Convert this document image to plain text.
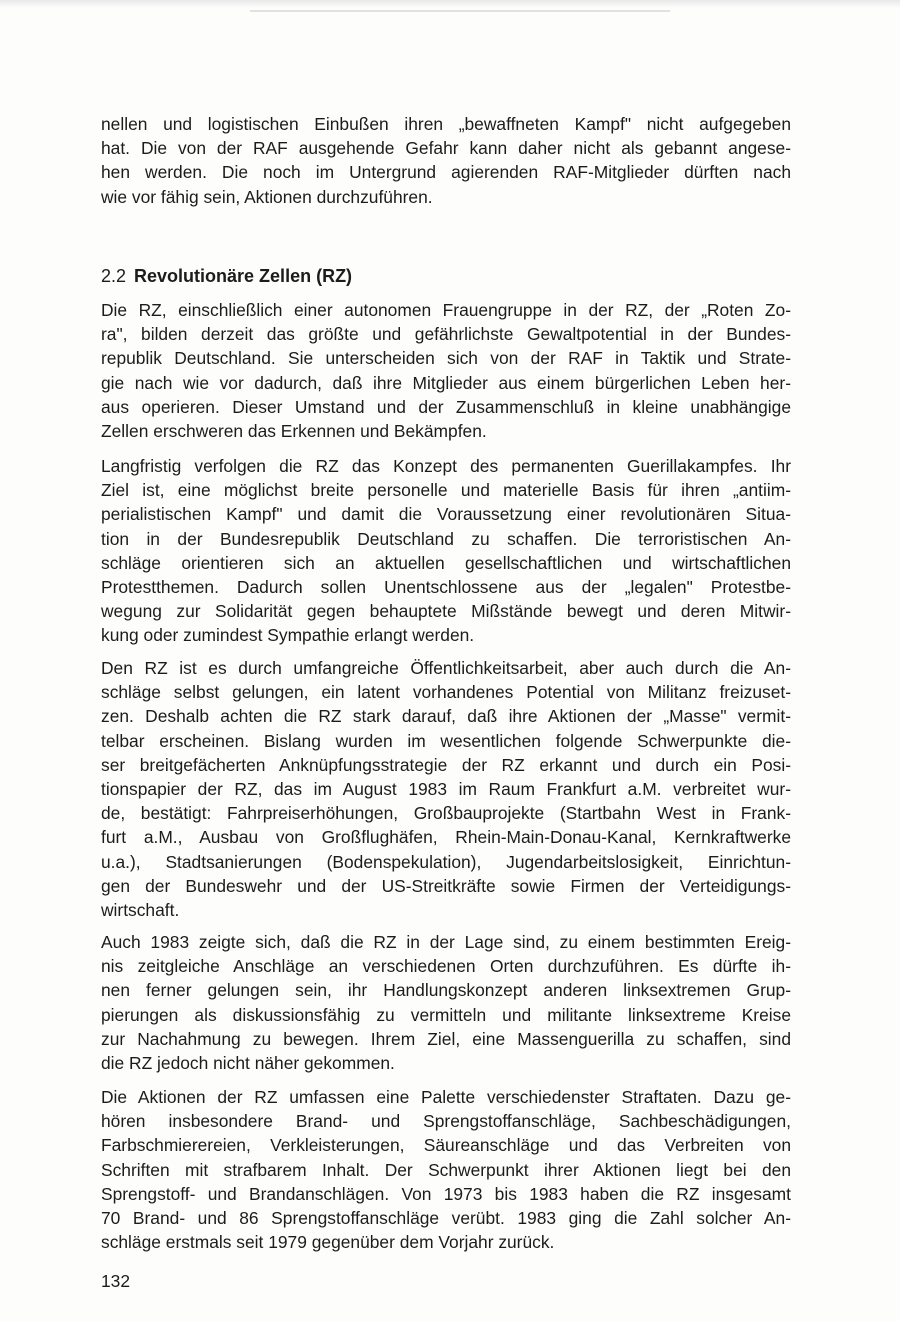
nellen und logistischen Einbußen ihren „bewaffneten Kampf" nicht aufgegeben
hat. Die von der RAF ausgehende Gefahr kann daher nicht als gebannt angese-
hen werden. Die noch im Untergrund agierenden RAF-Mitglieder dürften nach
wie vor fähig sein, Aktionen durchzuführen.

2.2 Revolutionäre Zellen (RZ)

Die RZ, einschließlich einer autonomen Frauengruppe in der RZ, der „Roten Zo-
ra", bilden derzeit das größte und gefährlichste Gewaltpotential in der Bundes-
republik Deutschland. Sie unterscheiden sich von der RAF in Taktik und Strate-
gie nach wie vor dadurch, daß ihre Mitglieder aus einem bürgerlichen Leben her-
aus operieren. Dieser Umstand und der Zusammenschluß in kleine unabhängige
Zellen erschweren das Erkennen und Bekämpfen.

Langfristig verfolgen die RZ das Konzept des permanenten Guerillakampfes. Ihr
Ziel ist, eine möglichst breite personelle und materielle Basis für ihren „antiim-
perialistischen Kampf" und damit die Voraussetzung einer revolutionären Situa-
tion in der Bundesrepublik Deutschland zu schaffen. Die terroristischen An-
schläge orientieren sich an aktuellen gesellschaftlichen und wirtschaftlichen
Protestthemen. Dadurch sollen Unentschlossene aus der „legalen" Protestbe-
wegung zur Solidarität gegen behauptete Mißstände bewegt und deren Mitwir-
kung oder zumindest Sympathie erlangt werden.

Den RZ ist es durch umfangreiche Öffentlichkeitsarbeit, aber auch durch die An-
schläge selbst gelungen, ein latent vorhandenes Potential von Militanz freizuset-
zen. Deshalb achten die RZ stark darauf, daß ihre Aktionen der „Masse" vermit-
telbar erscheinen. Bislang wurden im wesentlichen folgende Schwerpunkte die-
ser breitgefächerten Anknüpfungsstrategie der RZ erkannt und durch ein Posi-
tionspapier der RZ, das im August 1983 im Raum Frankfurt a.M. verbreitet wur-
de, bestätigt: Fahrpreiserhöhungen, Großbauprojekte (Startbahn West in Frank-
furt a.M., Ausbau von Großflughäfen, Rhein-Main-Donau-Kanal, Kernkraftwerke
u.a.), Stadtsanierungen (Bodenspekulation), Jugendarbeitslosigkeit, Einrichtun-
gen der Bundeswehr und der US-Streitkräfte sowie Firmen der Verteidigungs-
wirtschaft.

Auch 1983 zeigte sich, daß die RZ in der Lage sind, zu einem bestimmten Ereig-
nis zeitgleiche Anschläge an verschiedenen Orten durchzuführen. Es dürfte ih-
nen ferner gelungen sein, ihr Handlungskonzept anderen linksextremen Grup-
pierungen als diskussionsfähig zu vermitteln und militante linksextreme Kreise
zur Nachahmung zu bewegen. Ihrem Ziel, eine Massenguerilla zu schaffen, sind
die RZ jedoch nicht näher gekommen.

Die Aktionen der RZ umfassen eine Palette verschiedenster Straftaten. Dazu ge-
hören insbesondere Brand- und Sprengstoffanschläge, Sachbeschädigungen,
Farbschmierereien, Verkleisterungen, Säureanschläge und das Verbreiten von
Schriften mit strafbarem Inhalt. Der Schwerpunkt ihrer Aktionen liegt bei den
Sprengstoff- und Brandanschlägen. Von 1973 bis 1983 haben die RZ insgesamt
70 Brand- und 86 Sprengstoffanschläge verübt. 1983 ging die Zahl solcher An-
schläge erstmals seit 1979 gegenüber dem Vorjahr zurück.

132
